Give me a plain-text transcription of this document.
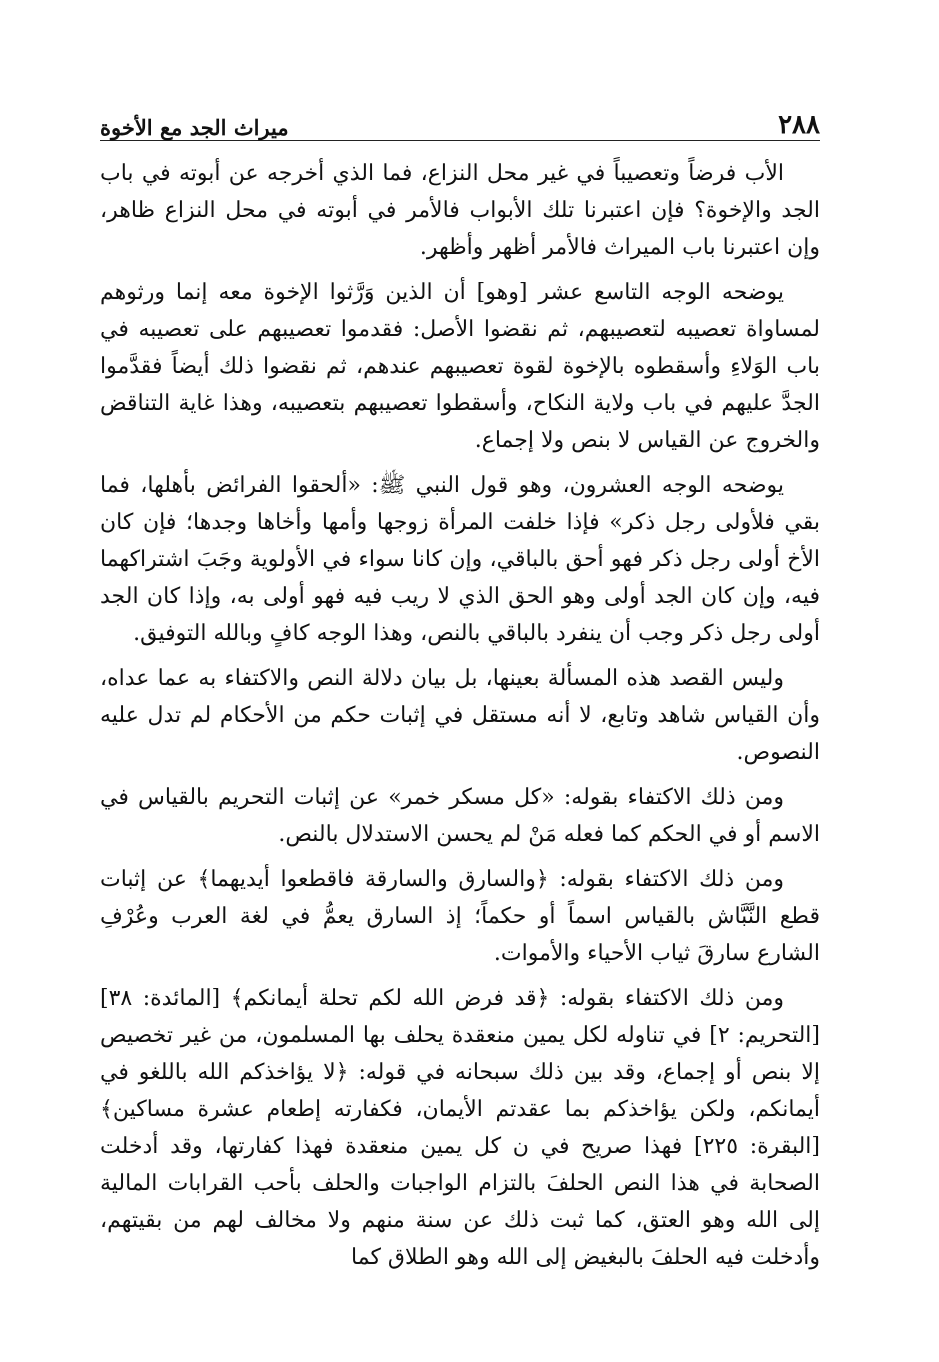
٢٨٨
ميراث الجد مع الأخوة

الأب فرضاً وتعصيباً في غير محل النزاع، فما الذي أخرجه عن أبوته في باب الجد والإخوة؟ فإن اعتبرنا تلك الأبواب فالأمر في أبوته في محل النزاع ظاهر، وإن اعتبرنا باب الميراث فالأمر أظهر وأظهر.

يوضحه الوجه التاسع عشر [وهو] أن الذين وَرَّثوا الإخوة معه إنما ورثوهم لمساواة تعصيبه لتعصيبهم، ثم نقضوا الأصل: فقدموا تعصيبهم على تعصيبه في باب الوَلاءِ وأسقطوه بالإخوة لقوة تعصيبهم عندهم، ثم نقضوا ذلك أيضاً فقدَّموا الجدَّ عليهم في باب ولاية النكاح، وأسقطوا تعصيبهم بتعصيبه، وهذا غاية التناقض والخروج عن القياس لا بنص ولا إجماع.

يوضحه الوجه العشرون، وهو قول النبي ﷺ: «ألحقوا الفرائض بأهلها، فما بقي فلأولى رجل ذكر» فإذا خلفت المرأة زوجها وأمها وأخاها وجدها؛ فإن كان الأخ أولى رجل ذكر فهو أحق بالباقي، وإن كانا سواء في الأولوية وجَبَ اشتراكهما فيه، وإن كان الجد أولى وهو الحق الذي لا ريب فيه فهو أولى به، وإذا كان الجد أولى رجل ذكر وجب أن ينفرد بالباقي بالنص، وهذا الوجه كافٍ وبالله التوفيق.

وليس القصد هذه المسألة بعينها، بل بيان دلالة النص والاكتفاء به عما عداه، وأن القياس شاهد وتابع، لا أنه مستقل في إثبات حكم من الأحكام لم تدل عليه النصوص.

ومن ذلك الاكتفاء بقوله: «كل مسكر خمر» عن إثبات التحريم بالقياس في الاسم أو في الحكم كما فعله مَنْ لم يحسن الاستدلال بالنص.

ومن ذلك الاكتفاء بقوله: ﴿والسارق والسارقة فاقطعوا أيديهما﴾ عن إثبات قطع النَّبَّاش بالقياس اسماً أو حكماً؛ إذ السارق يعمُّ في لغة العرب وعُرْفِ الشارع سارقَ ثياب الأحياء والأموات.

ومن ذلك الاكتفاء بقوله: ﴿قد فرض الله لكم تحلة أيمانكم﴾ [المائدة: ٣٨] [التحريم: ٢] في تناوله لكل يمين منعقدة يحلف بها المسلمون، من غير تخصيص إلا بنص أو إجماع، وقد بين ذلك سبحانه في قوله: ﴿لا يؤاخذكم الله باللغو في أيمانكم، ولكن يؤاخذكم بما عقدتم الأيمان، فكفارته إطعام عشرة مساكين﴾ [البقرة: ٢٢٥] فهذا صريح في ن كل يمين منعقدة فهذا كفارتها، وقد أدخلت الصحابة في هذا النص الحلفَ بالتزام الواجبات والحلف بأحب القرابات المالية إلى الله وهو العتق، كما ثبت ذلك عن سنة منهم ولا مخالف لهم من بقيتهم، وأدخلت فيه الحلفَ بالبغيض إلى الله وهو الطلاق كما
